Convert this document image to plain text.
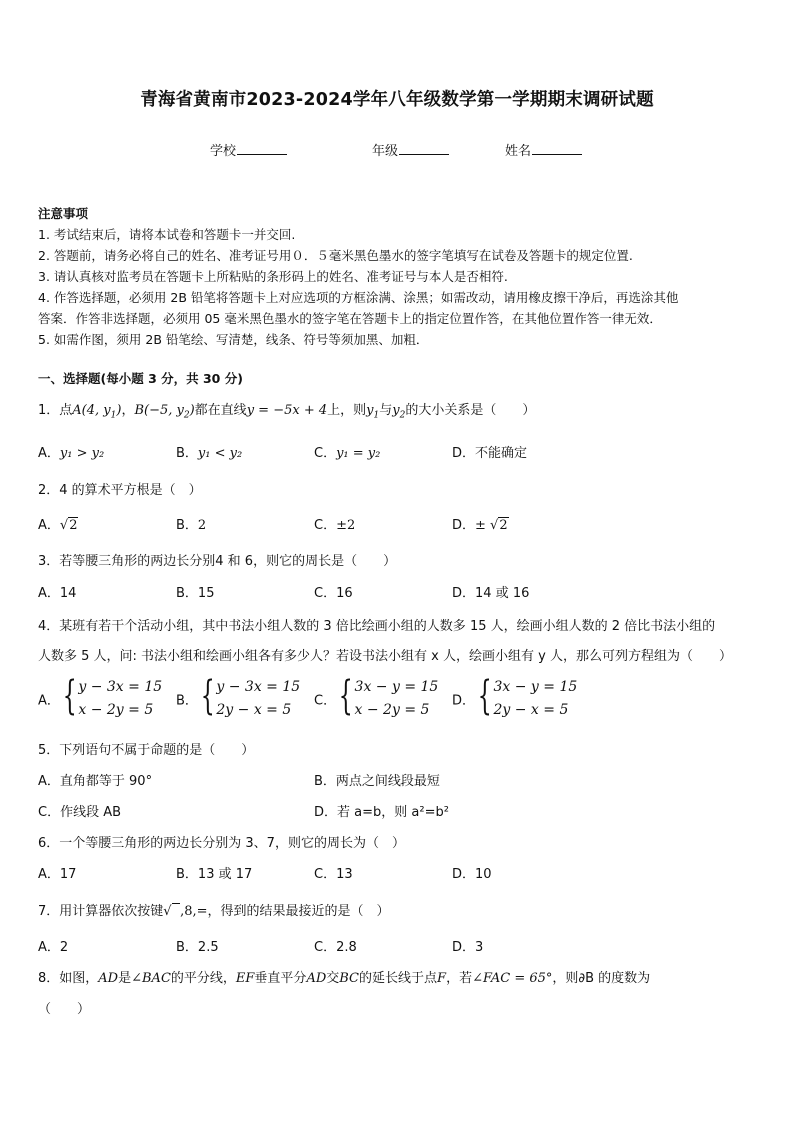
青海省黄南市2023-2024学年八年级数学第一学期期末调研试题
学校	年级	姓名
注意事项
1. 考试结束后，请将本试卷和答题卡一并交回.
2. 答题前，请务必将自己的姓名、准考证号用０．５毫米黑色墨水的签字笔填写在试卷及答题卡的规定位置.
3. 请认真核对监考员在答题卡上所粘贴的条形码上的姓名、准考证号与本人是否相符.
4. 作答选择题，必须用 2B 铅笔将答题卡上对应选项的方框涂满、涂黑；如需改动，请用橡皮擦干净后，再选涂其他
答案．作答非选择题，必须用 05 毫米黑色墨水的签字笔在答题卡上的指定位置作答，在其他位置作答一律无效．
5. 如需作图，须用 2B 铅笔绘、写清楚，线条、符号等须加黑、加粗．
一、选择题(每小题 3 分，共 30 分)
1．点A(4, $y_1$)，B(−5, $y_2$)都在直线y = −5x + 4上，则$y_1$与$y_2$的大小关系是（　　）
A．y₁ > y₂	B．y₁ < y₂	C．y₁ = y₂	D．不能确定
2．4 的算术平方根是（　）
A．√2	B．2	C．±2	D．± √2
3．若等腰三角形的两边长分别4 和 6，则它的周长是（　　）
A．14	B．15	C．16	D．14 或 16
4．某班有若干个活动小组，其中书法小组人数的 3 倍比绘画小组的人数多 15 人，绘画小组人数的 2 倍比书法小组的
人数多 5 人，问: 书法小组和绘画小组各有多少人？若设书法小组有 x 人，绘画小组有 y 人，那么可列方程组为（　　）
A． { y − 3x = 15
x − 2y = 5
B． { y − 3x = 15
2y − x = 5
C． { 3x − y = 15
x − 2y = 5
D． { 3x − y = 15
2y − x = 5
5．下列语句不属于命题的是（　　）
A．直角都等于 90°	B．两点之间线段最短
C．作线段 AB	D．若 a=b，则 a²=b²
6．一个等腰三角形的两边长分别为 3、7，则它的周长为（　）
A．17	B．13 或 17	C．13	D．10
7．用计算器依次按键√  ,8,=，得到的结果最接近的是（　）
A．2	B．2.5	C．2.8	D．3
8．如图，AD是∠BAC的平分线，EF垂直平分AD交BC的延长线于点F，若∠FAC = 65°，则∂B 的度数为
（　　）
